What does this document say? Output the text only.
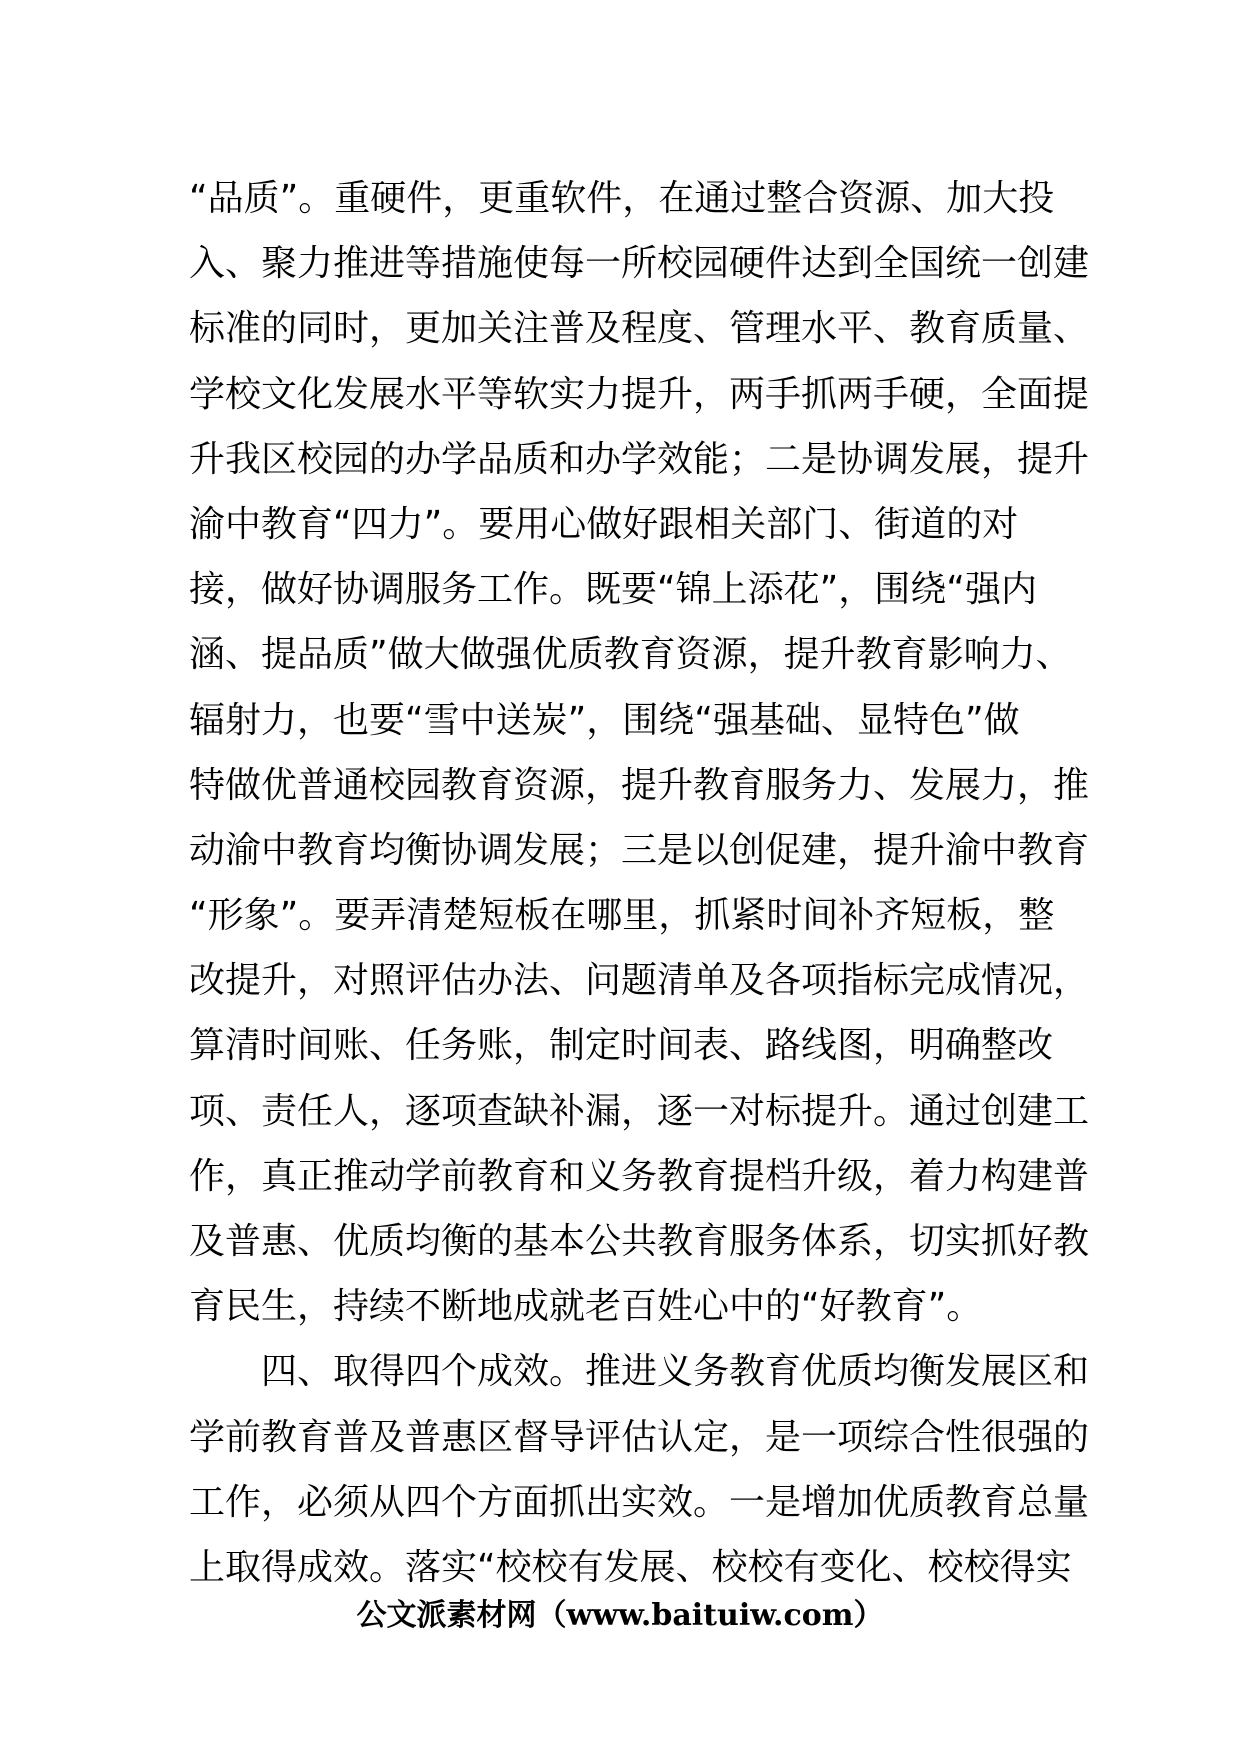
“品质”。重硬件，更重软件，在通过整合资源、加大投
入、聚力推进等措施使每一所校园硬件达到全国统一创建
标准的同时，更加关注普及程度、管理水平、教育质量、
学校文化发展水平等软实力提升，两手抓两手硬，全面提
升我区校园的办学品质和办学效能；二是协调发展，提升
渝中教育“四力”。要用心做好跟相关部门、街道的对
接，做好协调服务工作。既要“锦上添花”，围绕“强内
涵、提品质”做大做强优质教育资源，提升教育影响力、
辐射力，也要“雪中送炭”，围绕“强基础、显特色”做
特做优普通校园教育资源，提升教育服务力、发展力，推
动渝中教育均衡协调发展；三是以创促建，提升渝中教育
“形象”。要弄清楚短板在哪里，抓紧时间补齐短板，整
改提升，对照评估办法、问题清单及各项指标完成情况，
算清时间账、任务账，制定时间表、路线图，明确整改
项、责任人，逐项查缺补漏，逐一对标提升。通过创建工
作，真正推动学前教育和义务教育提档升级，着力构建普
及普惠、优质均衡的基本公共教育服务体系，切实抓好教
育民生，持续不断地成就老百姓心中的“好教育”。
　　四、取得四个成效。推进义务教育优质均衡发展区和
学前教育普及普惠区督导评估认定，是一项综合性很强的
工作，必须从四个方面抓出实效。一是增加优质教育总量
上取得成效。落实“校校有发展、校校有变化、校校得实
公文派素材网（www.baituiw.com）
